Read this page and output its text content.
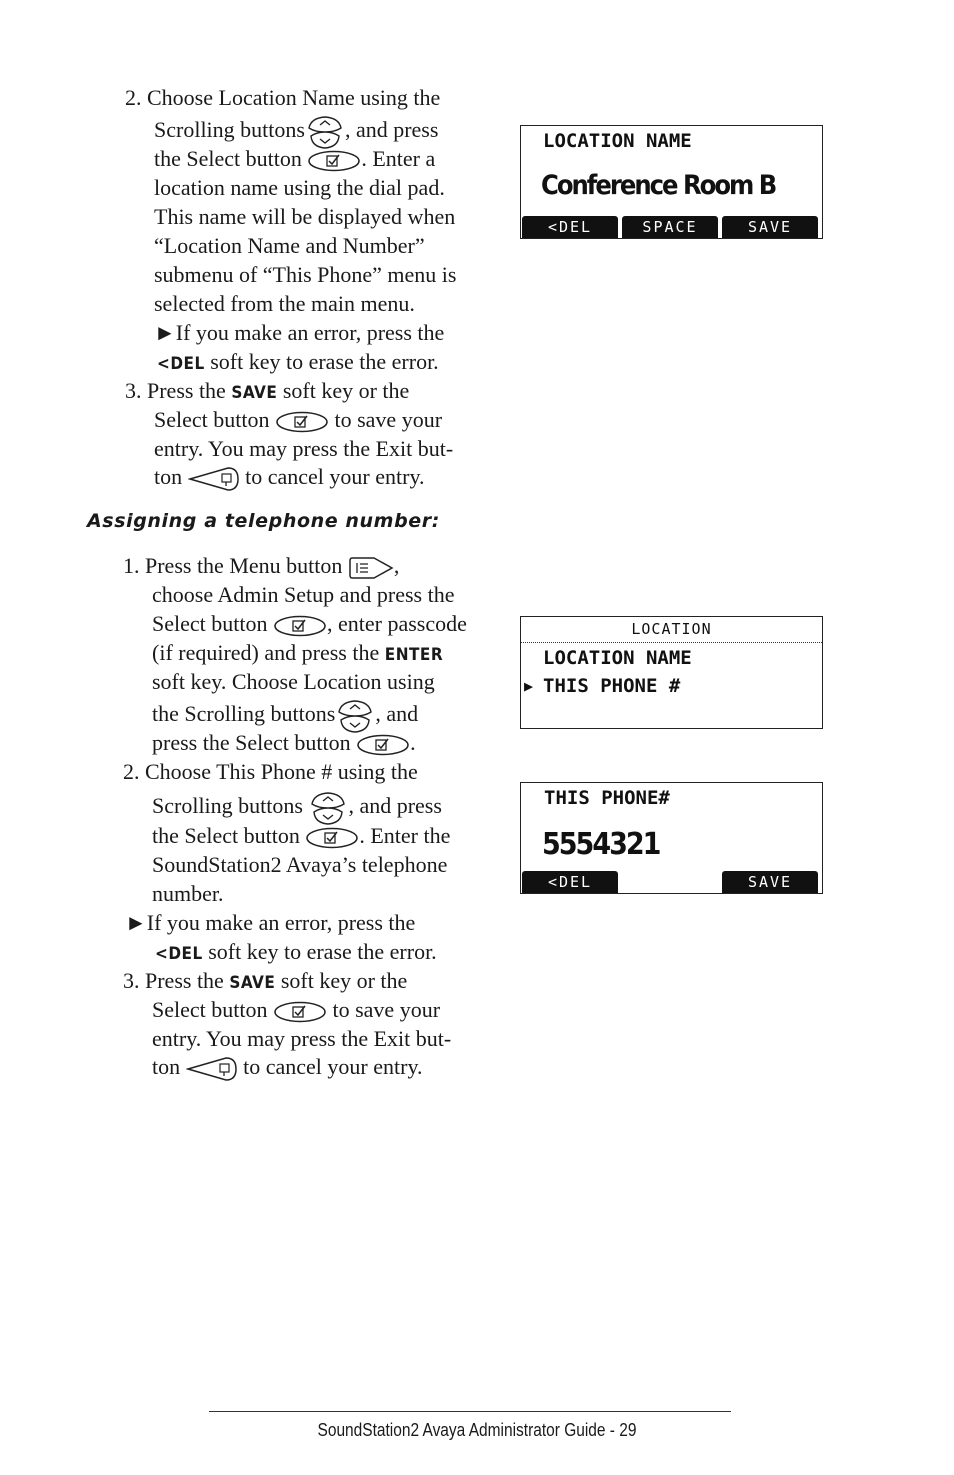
2. Choose Location Name using the
Scrolling buttons , and press
the Select button	. Enter a
location name using the dial pad.
This name will be displayed when
“Location Name and Number”
submenu of “This Phone” menu is
selected from the main menu.
►If you make an error, press the
<DEL soft key to erase the error.
3. Press the SAVE soft key or the
Select button	to save your
entry. You may press the Exit but-
ton	to cancel your entry.
Assigning a telephone number:
1. Press the Menu button ,
choose Admin Setup and press the
Select button	, enter passcode
(if required) and press the ENTER
soft key. Choose Location using
the Scrolling buttons , and
press the Select button	.
2. Choose This Phone # using the
Scrolling buttons , and press
the Select button	. Enter the
SoundStation2 Avaya’s telephone
number.
►If you make an error, press the
<DEL soft key to erase the error.
3. Press the SAVE soft key or the
Select button	to save your
entry. You may press the Exit but-
ton	to cancel your entry.
LOCATION NAME
Conference Room B
<DEL	SPACE	SAVE
LOCATION
LOCATION NAME
▶ THIS PHONE #
THIS PHONE#
5554321
<DEL	SAVE
SoundStation2 Avaya Administrator Guide - 29
